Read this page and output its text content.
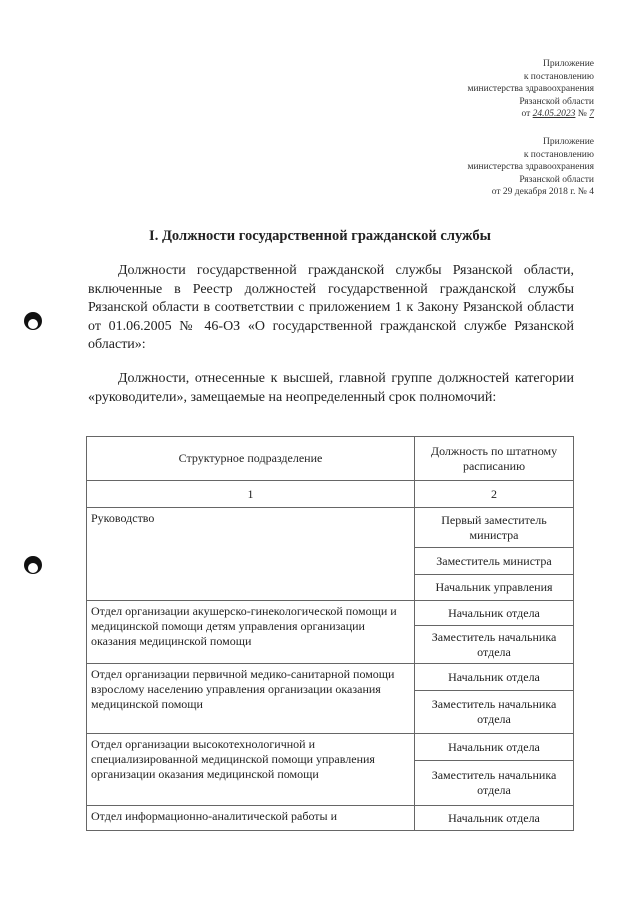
Приложение
к постановлению
министерства здравоохранения
Рязанской области
от 24.05.2023 № 7
Приложение
к постановлению
министерства здравоохранения
Рязанской области
от 29 декабря 2018 г. № 4
I. Должности государственной гражданской службы

Должности государственной гражданской службы Рязанской области, включенные в Реестр должностей государственной гражданской службы Рязанской области в соответствии с приложением 1 к Закону Рязанской области от 01.06.2005 № 46-ОЗ «О государственной гражданской службе Рязанской области»:

Должности, отнесенные к высшей, главной группе должностей категории «руководители», замещаемые на неопределенный срок полномочий:

Структурное подразделение	Должность по штатному расписанию
1	2
Руководство	Первый заместитель министра
	Заместитель министра
	Начальник управления
Отдел организации акушерско-гинекологической помощи и медицинской помощи детям управления организации оказания медицинской помощи	Начальник отдела
	Заместитель начальника отдела
Отдел организации первичной медико-санитарной помощи взрослому населению управления организации оказания медицинской помощи	Начальник отдела
	Заместитель начальника отдела
Отдел организации высокотехнологичной и специализированной медицинской помощи управления организации оказания медицинской помощи	Начальник отдела
	Заместитель начальника отдела
Отдел информационно-аналитической работы и	Начальник отдела
